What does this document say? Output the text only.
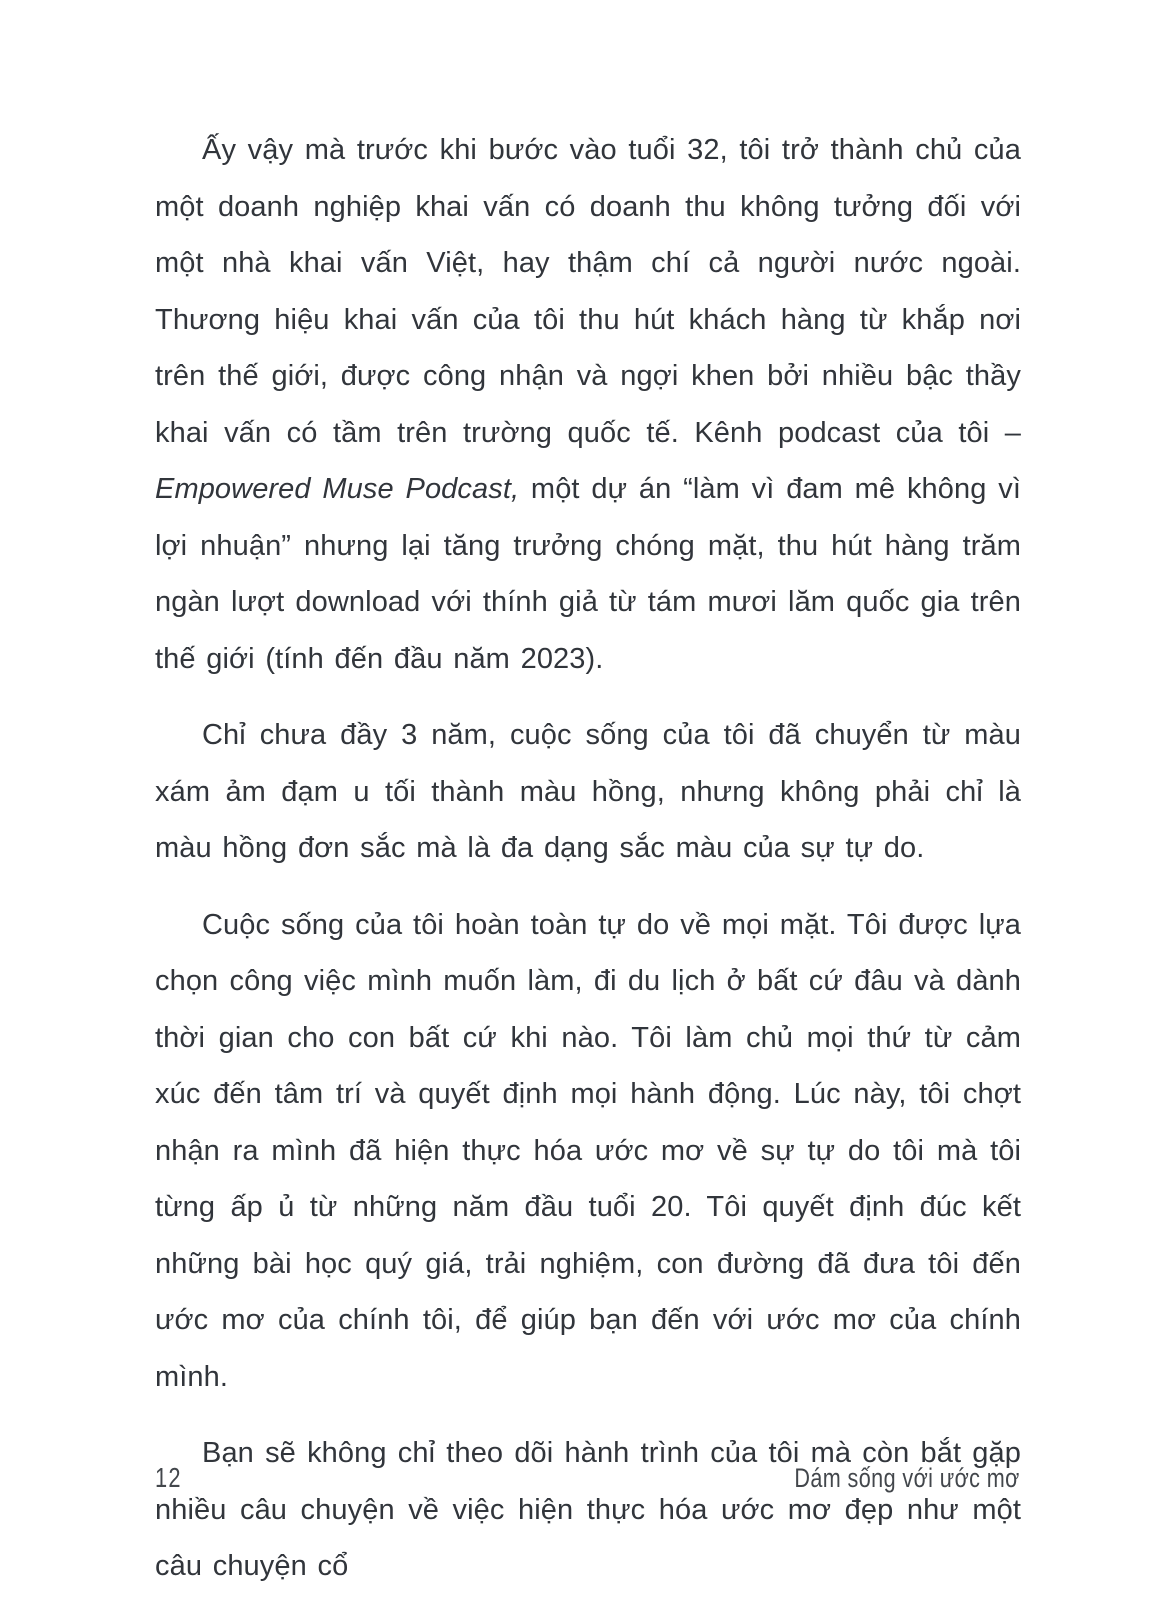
Ấy vậy mà trước khi bước vào tuổi 32, tôi trở thành chủ của một doanh nghiệp khai vấn có doanh thu không tưởng đối với một nhà khai vấn Việt, hay thậm chí cả người nước ngoài. Thương hiệu khai vấn của tôi thu hút khách hàng từ khắp nơi trên thế giới, được công nhận và ngợi khen bởi nhiều bậc thầy khai vấn có tầm trên trường quốc tế. Kênh podcast của tôi – Empowered Muse Podcast, một dự án “làm vì đam mê không vì lợi nhuận” nhưng lại tăng trưởng chóng mặt, thu hút hàng trăm ngàn lượt download với thính giả từ tám mươi lăm quốc gia trên thế giới (tính đến đầu năm 2023).

Chỉ chưa đầy 3 năm, cuộc sống của tôi đã chuyển từ màu xám ảm đạm u tối thành màu hồng, nhưng không phải chỉ là màu hồng đơn sắc mà là đa dạng sắc màu của sự tự do.

Cuộc sống của tôi hoàn toàn tự do về mọi mặt. Tôi được lựa chọn công việc mình muốn làm, đi du lịch ở bất cứ đâu và dành thời gian cho con bất cứ khi nào. Tôi làm chủ mọi thứ từ cảm xúc đến tâm trí và quyết định mọi hành động. Lúc này, tôi chợt nhận ra mình đã hiện thực hóa ước mơ về sự tự do tôi mà tôi từng ấp ủ từ những năm đầu tuổi 20. Tôi quyết định đúc kết những bài học quý giá, trải nghiệm, con đường đã đưa tôi đến ước mơ của chính tôi, để giúp bạn đến với ước mơ của chính mình.

Bạn sẽ không chỉ theo dõi hành trình của tôi mà còn bắt gặp nhiều câu chuyện về việc hiện thực hóa ước mơ đẹp như một câu chuyện cổ

12	Dám sống với ước mơ
